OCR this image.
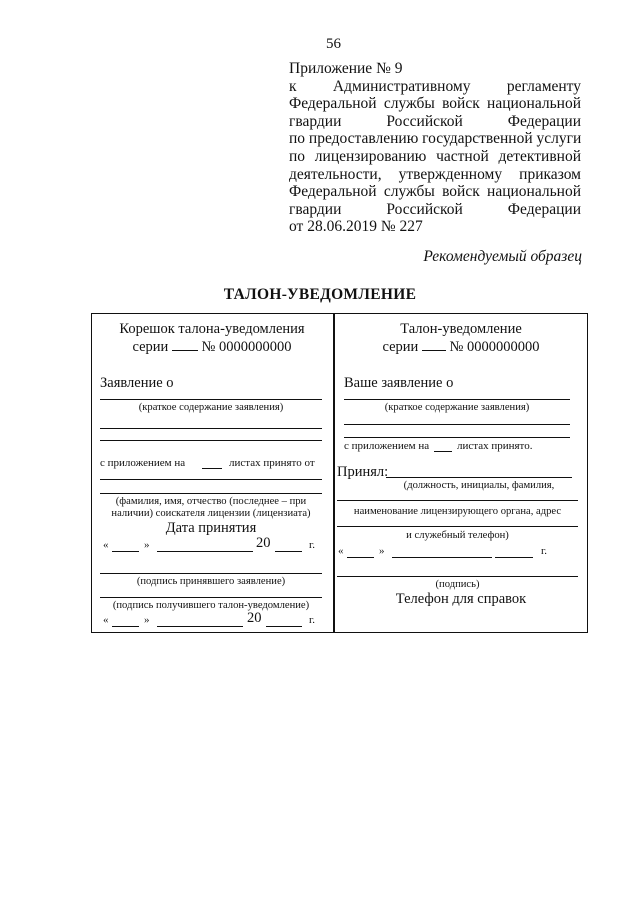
56
Приложение № 9
к Административному регламенту
Федеральной службы войск национальной
гвардии Российской Федерации
по предоставлению государственной услуги
по лицензированию частной детективной
деятельности, утвержденному приказом
Федеральной службы войск национальной
гвардии Российской Федерации
от 28.06.2019 № 227
Рекомендуемый образец
ТАЛОН-УВЕДОМЛЕНИЕ
Корешок талона-уведомления
серии № 0000000000
Заявление о
(краткое содержание заявления)
с приложением на	листах принято от
(фамилия, имя, отчество (последнее – при
наличии) соискателя лицензии (лицензиата)
Дата принятия
«	»	20	г.
(подпись принявшего заявление)
(подпись получившего талон-уведомление)
«	»	20	г.
Талон-уведомление
серии № 0000000000
Ваше заявление о
(краткое содержание заявления)
с приложением на	листах принято.
Принял:
(должность, инициалы, фамилия,
наименование лицензирующего органа, адрес
и служебный телефон)
«	»	г.
(подпись)
Телефон для справок
